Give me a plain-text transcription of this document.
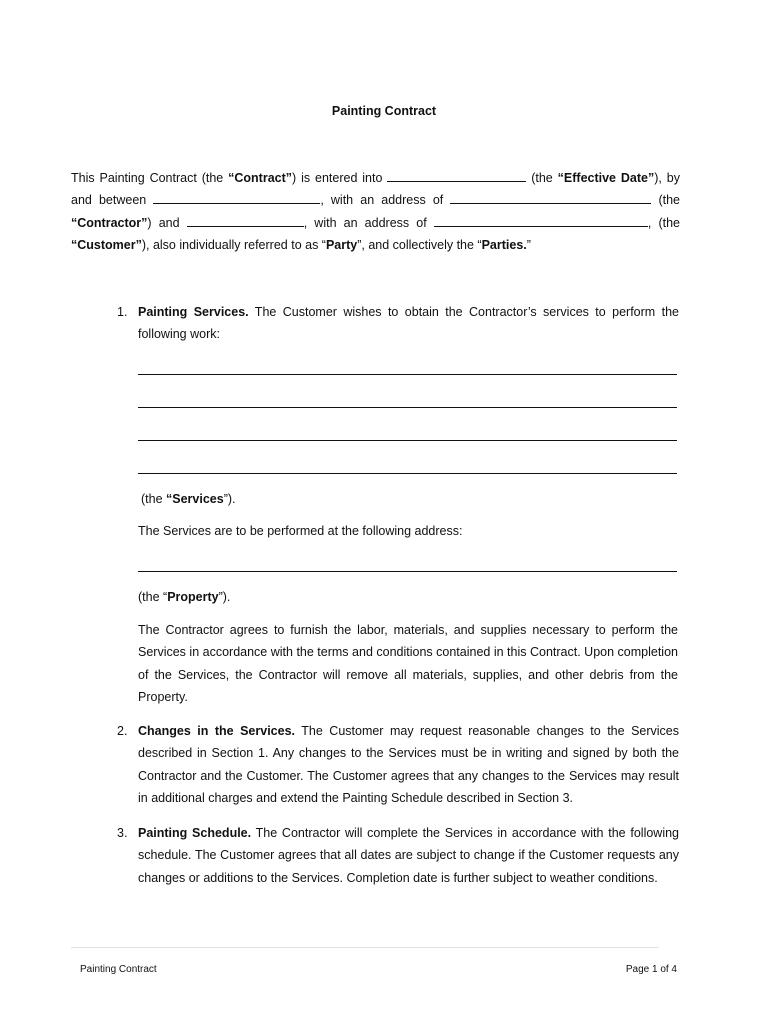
Painting Contract
This Painting Contract (the “Contract”) is entered into	(the “Effective Date”), by and between	, with an address of	(the “Contractor”) and	, with an address of	, (the “Customer”), also individually referred to as “Party”, and collectively the “Parties.”
1. Painting Services. The Customer wishes to obtain the Contractor’s services to perform the following work:
(the “Services”).
The Services are to be performed at the following address:
(the “Property”).
The Contractor agrees to furnish the labor, materials, and supplies necessary to perform the Services in accordance with the terms and conditions contained in this Contract. Upon completion of the Services, the Contractor will remove all materials, supplies, and other debris from the Property.
2. Changes in the Services. The Customer may request reasonable changes to the Services described in Section 1. Any changes to the Services must be in writing and signed by both the Contractor and the Customer. The Customer agrees that any changes to the Services may result in additional charges and extend the Painting Schedule described in Section 3.
3. Painting Schedule. The Contractor will complete the Services in accordance with the following schedule. The Customer agrees that all dates are subject to change if the Customer requests any changes or additions to the Services. Completion date is further subject to weather conditions.
Painting Contract	Page 1 of 4
